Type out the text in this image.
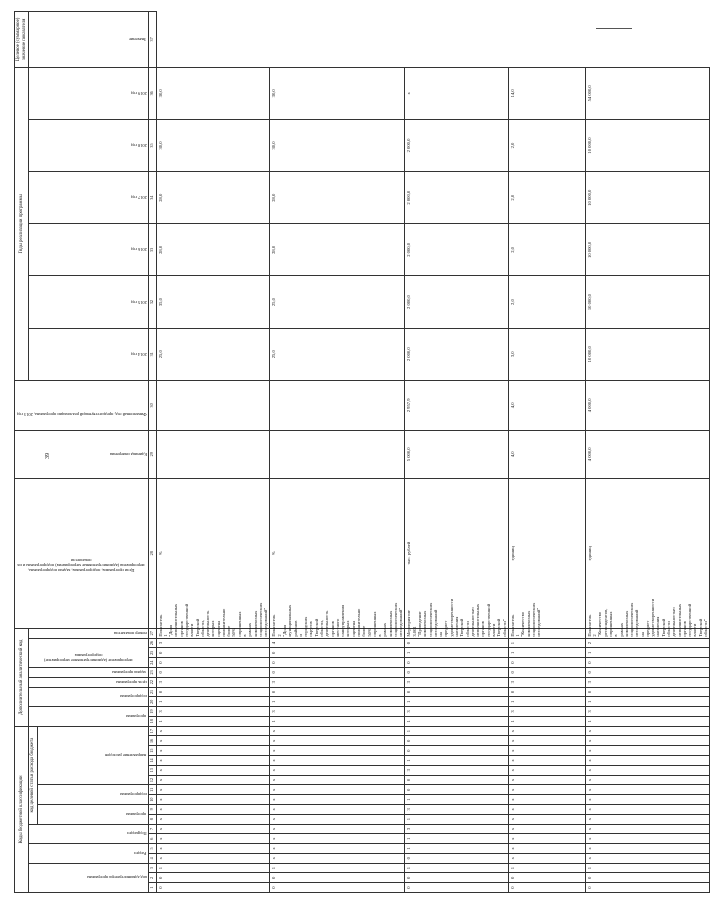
39
Коды бюджетной классификации																	Дополнительный аналитический код										Цели программы, подпрограммы, задачи подпрограммы, мероприятия (административные мероприятия) подпрограммы и их показатели	Единица измерения	Финансовый год, предшествующий реализации программы, 2013 год	Годы реализации программы						Целевое (суммарное) значение показателя

код администратора программы			Раздел		Подраздел		код целевой статьи расхода бюджета										программа		подпрограмма		цель программы	задача программы	мероприятие (административное мероприятие) подпрограммы			номер показателя				2014 год	2015 год	2016 год	2017 год	2018 год	2019 год	Значение

							программа		подпрограмма		направление расходов																									

1	2	3	4	5	6	7	8	9	10	11	12	13	14	15	16	17	18	19	20	21	22	23	24	25	26	27	28	29	30	31	32	33	34	35	36	37
0	0	1	х	х	х	х	х	х	х	х	х	х	х	х	х	х	1	3	1	0	3	0	0	0	3	Показатель 1 "Доля исполнительных органов государственной власти Тверской области, деятельность которых оценена положительно более 50% опрошенных в рамках комплексных социологических исследований"	%			25,0	35,0	28,0	28,0	30,0	30,0	
0	0	1	х	х	х	х	х	х	х	х	х	х	х	х	х	х	1	3	1	0	3	0	0	0	4	Показатель 2 "Доля муниципальных районов и городских округов Тверской области, деятельность органов местного самоуправления которых оценена положительно более 50% опрошенных в рамках комплексных социологических исследований"	%			25,0	25,0	28,0	28,0	30,0	30,0	
0	0	1	0	1	1	3	1	3	1	0	0	3	1	0	0	1	1	3	1	0	3	0	0	1	0	Мероприятие 3.001 "Проведение комплексных социологических исследований на предмет удовлетворенности населения Тверской области деятельностью исполнительных органов государственной власти Тверской области"	тыс. рублей	5 000,0	2 957,9	2 000,0	2 000,0	2 000,0	2 000,0	2 000,0	х	
0	0	1	х	х	х	х	х	х	х	х	х	х	х	х	х	х	1	3	1	0	3	0	0	1	1	Показатель 1 "Количество комплексных социологических исследований"	единиц	4,0	4,0	3,0	2,0	2,0	2,0	2,0	14,0	
0	0	1	х	х	х	х	х	х	х	х	х	х	х	х	х	х	1	3	1	0	3	0	0	1	2	Показатель 2 "Количество респондентов, опрошенных в рамках комплексных социологических исследований на предмет удовлетворенности населения Тверской области деятельностью исполнительных органов государственной власти Тверской области"	единиц	4 000,0	4 000,0	10 000,0	10 000,0	10 000,0	10 000,0	10 000,0	54 000,0	
